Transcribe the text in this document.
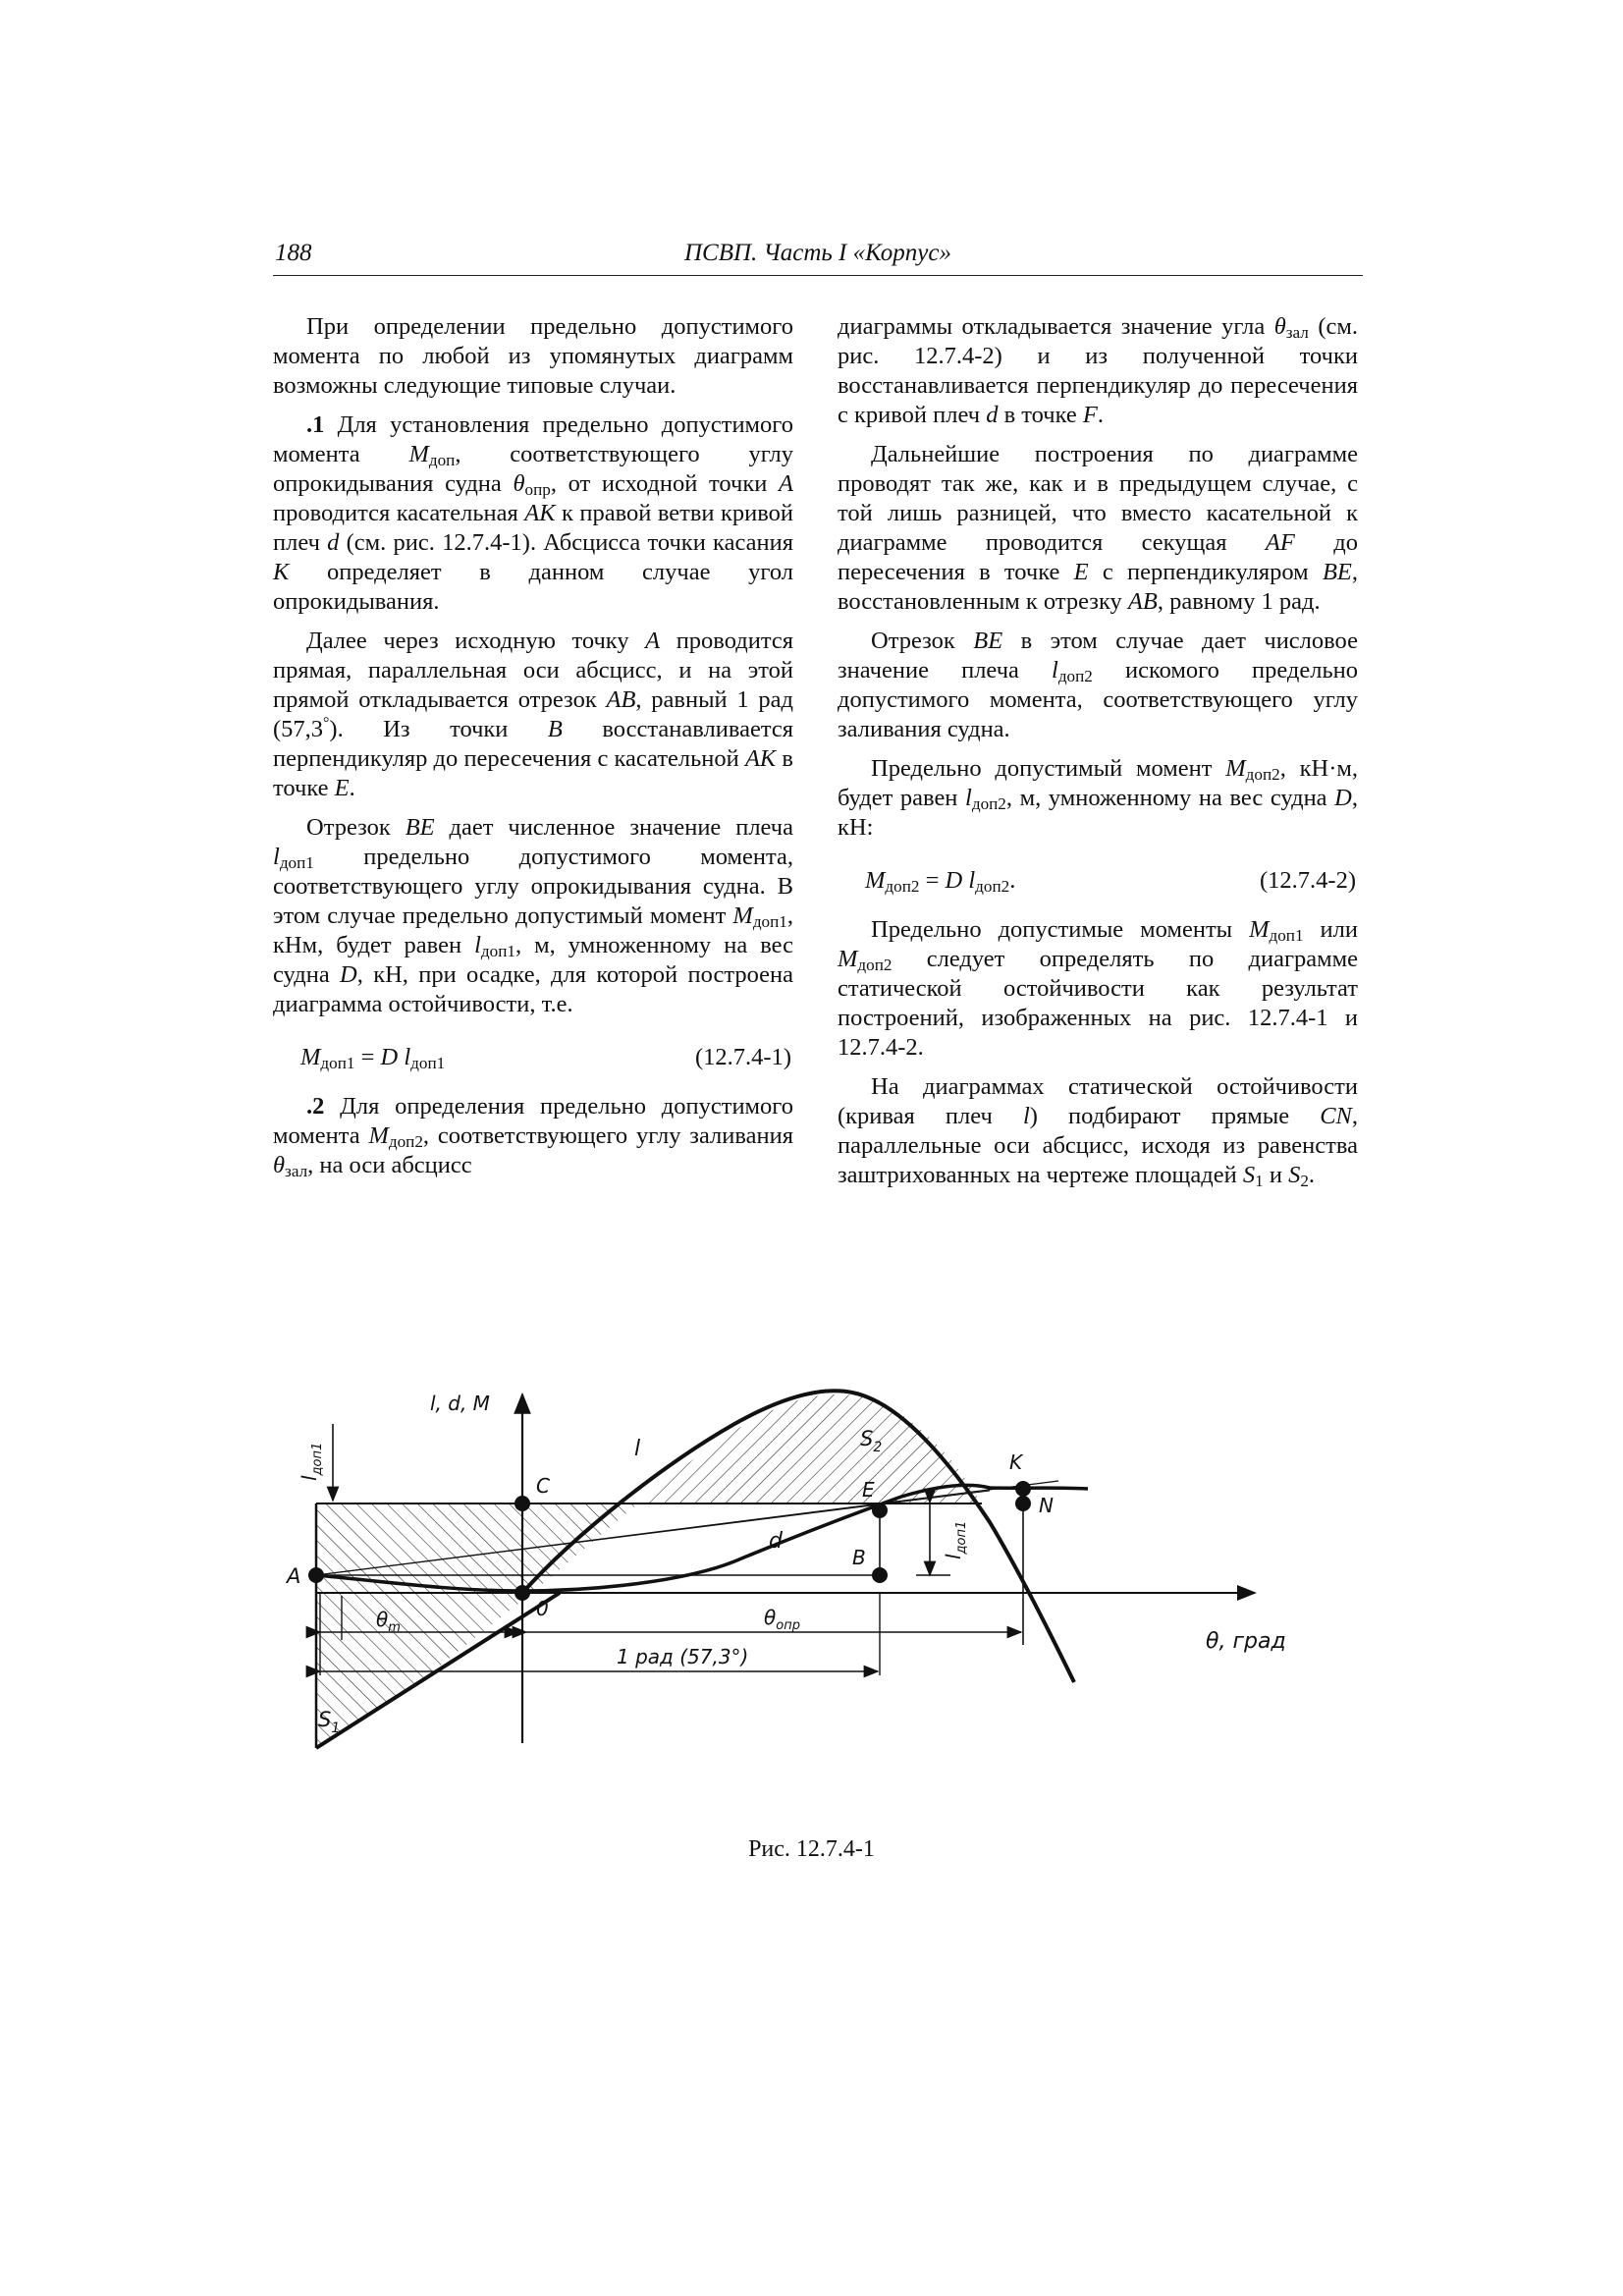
188	ПСВП. Часть I «Корпус»

При определении предельно допустимого момента по любой из упомянутых диаграмм возможны следующие типовые случаи.

.1 Для установления предельно допустимого момента $M_{доп}$, соответствующего углу опрокидывания судна $\theta_{опр}$, от исходной точки A проводится касательная AK к правой ветви кривой плеч d (см. рис. 12.7.4-1). Абсцисса точки касания K определяет в данном случае угол опрокидывания.

Далее через исходную точку A проводится прямая, параллельная оси абсцисс, и на этой прямой откладывается отрезок AB, равный 1 рад (57,3°). Из точки B восстанавливается перпендикуляр до пересечения с касательной AK в точке E.

Отрезок BE дает численное значение плеча $l_{доп1}$ предельно допустимого момента, соответствующего углу опрокидывания судна. В этом случае предельно допустимый момент $M_{доп1}$, кНм, будет равен $l_{доп1}$, м, умноженному на вес судна D, кН, при осадке, для которой построена диаграмма остойчивости, т.е.

$M_{доп1} = D$ $l_{доп1}$	(12.7.4-1)

.2 Для определения предельно допустимого момента $M_{доп2}$, соответствующего углу заливания $\theta_{зал}$, на оси абсцисс

диаграммы откладывается значение угла $\theta_{зал}$ (см. рис. 12.7.4-2) и из полученной точки восстанавливается перпендикуляр до пересечения с кривой плеч d в точке F.

Дальнейшие построения по диаграмме проводят так же, как и в предыдущем случае, с той лишь разницей, что вместо касательной к диаграмме проводится секущая AF до пересечения в точке E с перпендикуляром BE, восстановленным к отрезку AB, равному 1 рад.

Отрезок BE в этом случае дает числовое значение плеча $l_{доп2}$ искомого предельно допустимого момента, соответствующего углу заливания судна.

Предельно допустимый момент $M_{доп2}$, кН·м, будет равен $l_{доп2}$, м, умноженному на вес судна D, кН:

$M_{доп2} = D$ $l_{доп2}$.	(12.7.4-2)

Предельно допустимые моменты $M_{доп1}$ или $M_{доп2}$ следует определять по диаграмме статической остойчивости как результат построений, изображенных на рис. 12.7.4-1 и 12.7.4-2.

На диаграммах статической остойчивости (кривая плеч l) подбирают прямые CN, параллельные оси абсцисс, исходя из равенства заштрихованных на чертеже площадей $S_1$ и $S_2$.

l, d, M
θ, град
l
d
A
C
0
E
B
K
N
$S_2$
$S_1$
$l_{доп1}$
$l_{доп1}$
$\theta_m$	$\theta_{опр}$
1 рад (57,3°)
Рис. 12.7.4-1
